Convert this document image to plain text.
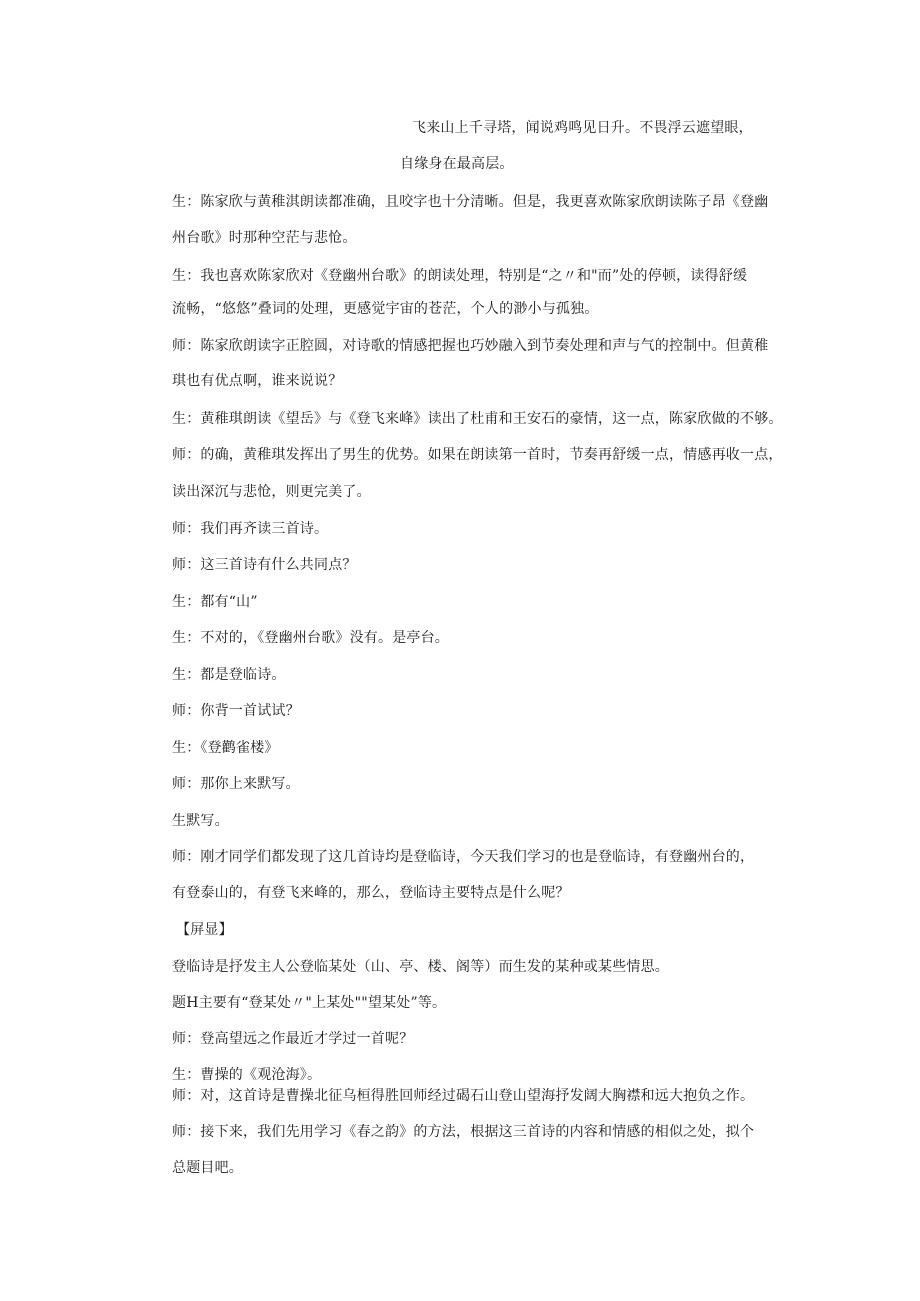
飞来山上千寻塔，闻说鸡鸣见日升。不畏浮云遮望眼，
自缘身在最高层。
生：陈家欣与黄稚淇朗读都准确，且咬字也十分清晰。但是，我更喜欢陈家欣朗读陈子昂《登幽
州台歌》时那种空茫与悲怆。
生：我也喜欢陈家欣对《登幽州台歌》的朗读处理，特别是“之〃和"而”处的停顿，读得舒缓
流畅，“悠悠”叠词的处理，更感觉宇宙的苍茫，个人的渺小与孤独。
师：陈家欣朗读字正腔圆，对诗歌的情感把握也巧妙融入到节奏处理和声与气的控制中。但黄稚
琪也有优点啊，谁来说说？
生：黄稚琪朗读《望岳》与《登飞来峰》读出了杜甫和王安石的豪情，这一点，陈家欣做的不够。
师：的确，黄稚琪发挥出了男生的优势。如果在朗读第一首时，节奏再舒缓一点，情感再收一点，
读出深沉与悲怆，则更完美了。
师：我们再齐读三首诗。
师：这三首诗有什么共同点？
生：都有“山”
生：不对的，《登幽州台歌》没有。是亭台。
生：都是登临诗。
师：你背一首试试？
生：《登鹳雀楼》
师：那你上来默写。
生默写。
师：刚才同学们都发现了这几首诗均是登临诗，今天我们学习的也是登临诗，有登幽州台的，
有登泰山的，有登飞来峰的，那么，登临诗主要特点是什么呢？
【屏显】
登临诗是抒发主人公登临某处（山、亭、楼、阁等）而生发的某种或某些情思。
题H主要有“登某处〃"上某处""望某处”等。
师：登高望远之作最近才学过一首呢？
生：曹操的《观沧海》。
师：对，这首诗是曹操北征乌桓得胜回师经过碣石山登山望海抒发阔大胸襟和远大抱负之作。
师：接下来，我们先用学习《春之韵》的方法，根据这三首诗的内容和情感的相似之处，拟个
总题目吧。
